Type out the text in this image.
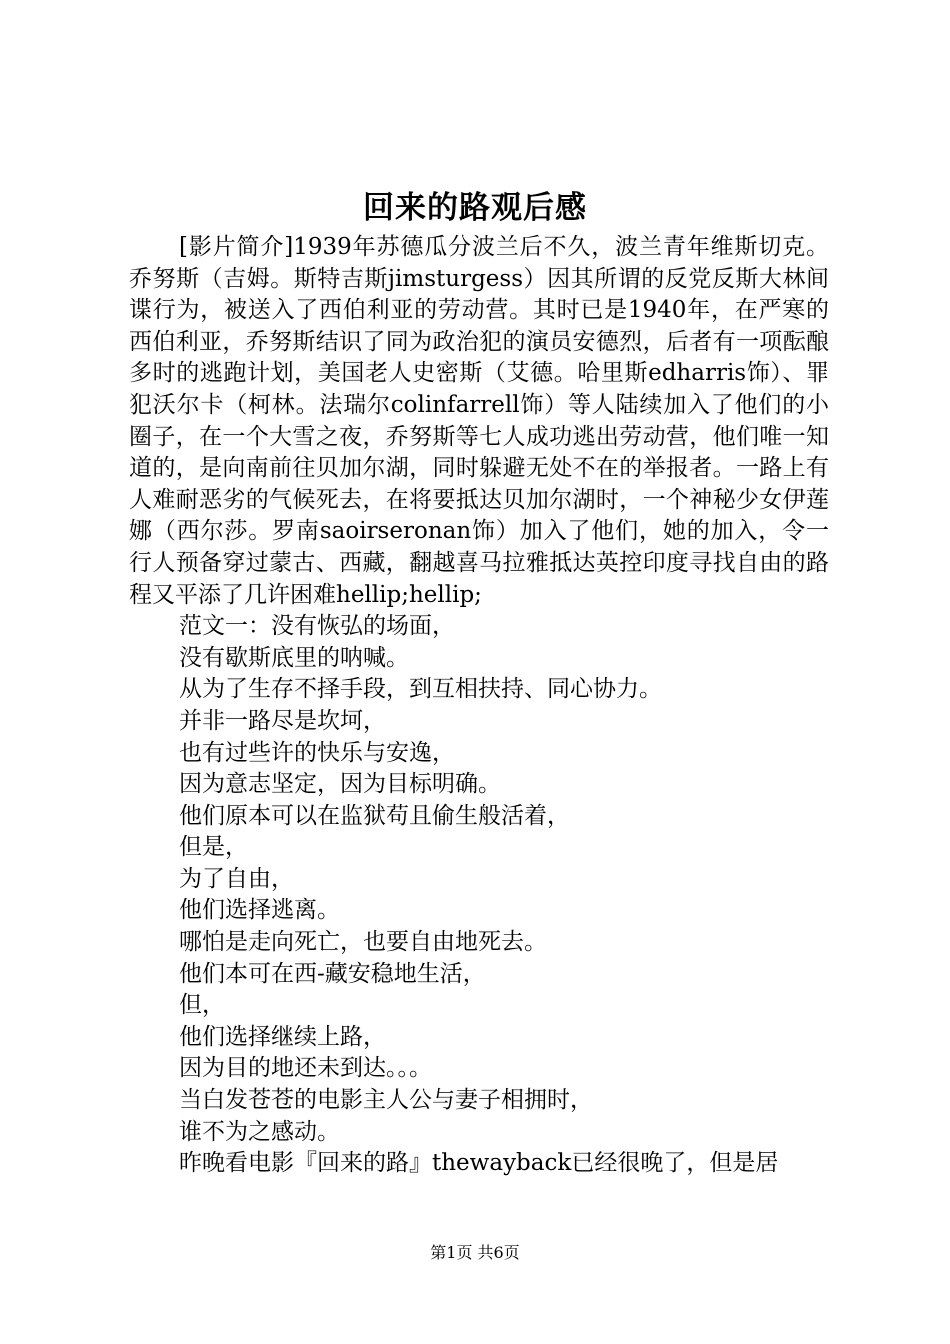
回来的路观后感

[影片简介]1939年苏德瓜分波兰后不久，波兰青年维斯切克。乔努斯（吉姆。斯特吉斯jimsturgess）因其所谓的反党反斯大林间谍行为，被送入了西伯利亚的劳动营。其时已是1940年，在严寒的西伯利亚，乔努斯结识了同为政治犯的演员安德烈，后者有一项酝酿多时的逃跑计划，美国老人史密斯（艾德。哈里斯edharris饰）、罪犯沃尔卡（柯林。法瑞尔colinfarrell饰）等人陆续加入了他们的小圈子，在一个大雪之夜，乔努斯等七人成功逃出劳动营，他们唯一知道的，是向南前往贝加尔湖，同时躲避无处不在的举报者。一路上有人难耐恶劣的气候死去，在将要抵达贝加尔湖时，一个神秘少女伊莲娜（西尔莎。罗南saoirseronan饰）加入了他们，她的加入，令一行人预备穿过蒙古、西藏，翻越喜马拉雅抵达英控印度寻找自由的路程又平添了几许困难hellip;hellip;

范文一：没有恢弘的场面，

没有歇斯底里的呐喊。

从为了生存不择手段，到互相扶持、同心协力。

并非一路尽是坎坷，

也有过些许的快乐与安逸，

因为意志坚定，因为目标明确。

他们原本可以在监狱苟且偷生般活着，

但是，

为了自由，

他们选择逃离。

哪怕是走向死亡，也要自由地死去。

他们本可在西-藏安稳地生活，

但，

他们选择继续上路，

因为目的地还未到达。。。

当白发苍苍的电影主人公与妻子相拥时，

谁不为之感动。

昨晚看电影『回来的路』thewayback已经很晚了，但是居

第1页 共6页
